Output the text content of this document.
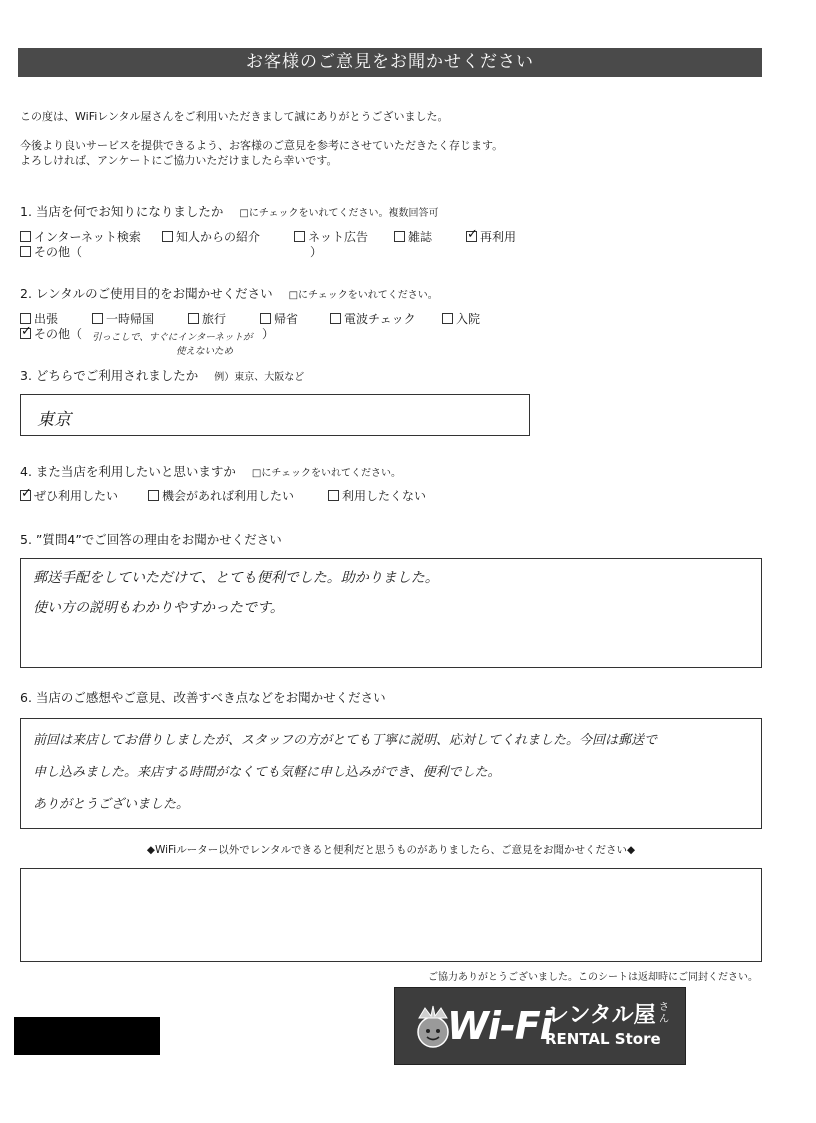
お客様のご意見をお聞かせください
この度は、WiFiレンタル屋さんをご利用いただきまして誠にありがとうございました。
今後より良いサービスを提供できるよう、お客様のご意見を参考にさせていただきたく存じます。
よろしければ、アンケートにご協力いただけましたら幸いです。
1. 当店を何でお知りになりましたか □にチェックをいれてください。複数回答可
インターネット検索	知人からの紹介	ネット広告	雑誌
✓	再利用
その他（　　　　　　　　　　　　　　　　　　　）
2. レンタルのご使用目的をお聞かせください □にチェックをいれてください。
出張	一時帰国	旅行	帰省	電波チェック	入院
✓その他（ 引っこしで、すぐにインターネットが ）
使えないため
3. どちらでご利用されましたか 例）東京、大阪など
東京
4. また当店を利用したいと思いますか □にチェックをいれてください。
✓ぜひ利用したい	機会があれば利用したい	利用したくない
5. ”質問4”でご回答の理由をお聞かせください
郵送手配をしていただけて、とても便利でした。助かりました。
使い方の説明もわかりやすかったです。
6. 当店のご感想やご意見、改善すべき点などをお聞かせください
前回は来店してお借りしましたが、スタッフの方がとても丁寧に説明、応対してくれました。今回は郵送で
申し込みました。来店する時間がなくても気軽に申し込みができ、便利でした。
ありがとうございました。
◆WiFiルーター以外でレンタルできると便利だと思うものがありましたら、ご意見をお聞かせください◆
ご協力ありがとうございました。このシートは返却時にご同封ください。
Wi-Fi
レンタル屋 さん
RENTAL Store
